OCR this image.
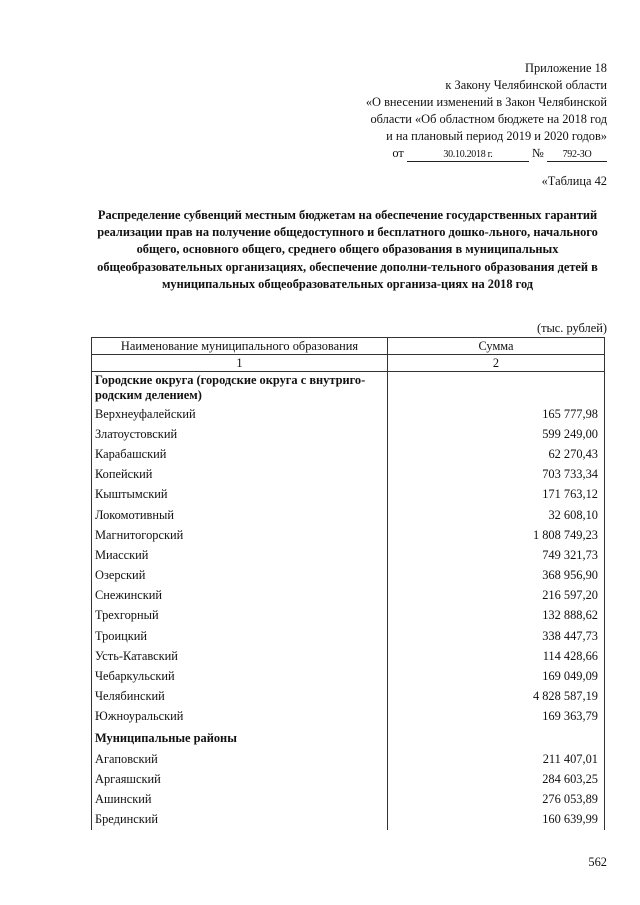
Приложение 18
к Закону Челябинской области
«О внесении изменений в Закон Челябинской
области «Об областном бюджете на 2018 год
и на плановый период 2019 и 2020 годов»
от	30.10.2018 г.	№ 792-ЗО
«Таблица 42
Распределение субвенций местным бюджетам на обеспечение государственных гарантий реализации прав на получение общедоступного и бесплатного дошко-льного, начального общего, основного общего, среднего общего образования в муниципальных общеобразовательных организациях, обеспечение дополни-тельного образования детей в муниципальных общеобразовательных организа-циях на 2018 год
(тыс. рублей)
Наименование муниципального образования	Сумма
1	2
Городские округа (городские округа с внутриго-родским делением)	
Верхнеуфалейский	165 777,98
Златоустовский	599 249,00
Карабашский	62 270,43
Копейский	703 733,34
Кыштымский	171 763,12
Локомотивный	32 608,10
Магнитогорский	1 808 749,23
Миасский	749 321,73
Озерский	368 956,90
Снежинский	216 597,20
Трехгорный	132 888,62
Троицкий	338 447,73
Усть-Катавский	114 428,66
Чебаркульский	169 049,09
Челябинский	4 828 587,19
Южноуральский	169 363,79
Муниципальные районы	
Агаповский	211 407,01
Аргаяшский	284 603,25
Ашинский	276 053,89
Брединский	160 639,99
562
